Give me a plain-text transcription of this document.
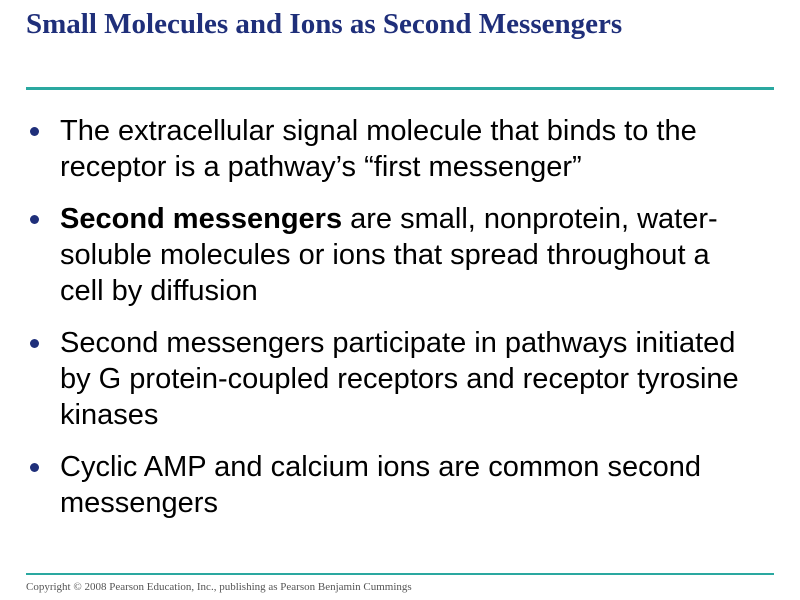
Small Molecules and Ions as Second Messengers
The extracellular signal molecule that binds to the receptor is a pathway’s “first messenger”
Second messengers are small, nonprotein, water-soluble molecules or ions that spread throughout a cell by diffusion
Second messengers participate in pathways initiated by G protein-coupled receptors and receptor tyrosine kinases
Cyclic AMP and calcium ions are common second messengers

Copyright © 2008 Pearson Education, Inc., publishing as Pearson Benjamin Cummings
